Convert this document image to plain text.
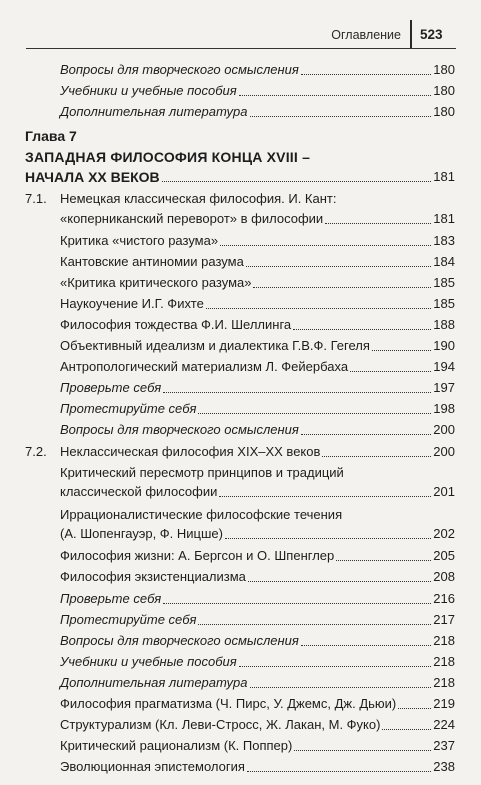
Оглавление 523
Вопросы для творческого осмысления	180
Учебники и учебные пособия	180
Дополнительная литература	180
Глава 7
ЗАПАДНАЯ ФИЛОСОФИЯ КОНЦА XVIII –
НАЧАЛА XX ВЕКОВ	181
7.1. Немецкая классическая философия. И. Кант:
«коперниканский переворот» в философии	181
Критика «чистого разума»	183
Кантовские антиномии разума	184
«Критика критического разума»	185
Наукоучение И.Г. Фихте	185
Философия тождества Ф.И. Шеллинга	188
Объективный идеализм и диалектика Г.В.Ф. Гегеля	190
Антропологический материализм Л. Фейербаха	194
Проверьте себя	197
Протестируйте себя	198
Вопросы для творческого осмысления	200
7.2. Неклассическая философия XIX–XX веков	200
Критический пересмотр принципов и традиций
классической философии	201
Иррационалистические философские течения
(А. Шопенгауэр, Ф. Ницше)	202
Философия жизни: А. Бергсон и О. Шпенглер	205
Философия экзистенциализма	208
Проверьте себя	216
Протестируйте себя	217
Вопросы для творческого осмысления	218
Учебники и учебные пособия	218
Дополнительная литература	218
Философия прагматизма (Ч. Пирс, У. Джемс, Дж. Дьюи)	219
Структурализм (Кл. Леви-Стросс, Ж. Лакан, М. Фуко)	224
Критический рационализм (К. Поппер)	237
Эволюционная эпистемология	238
